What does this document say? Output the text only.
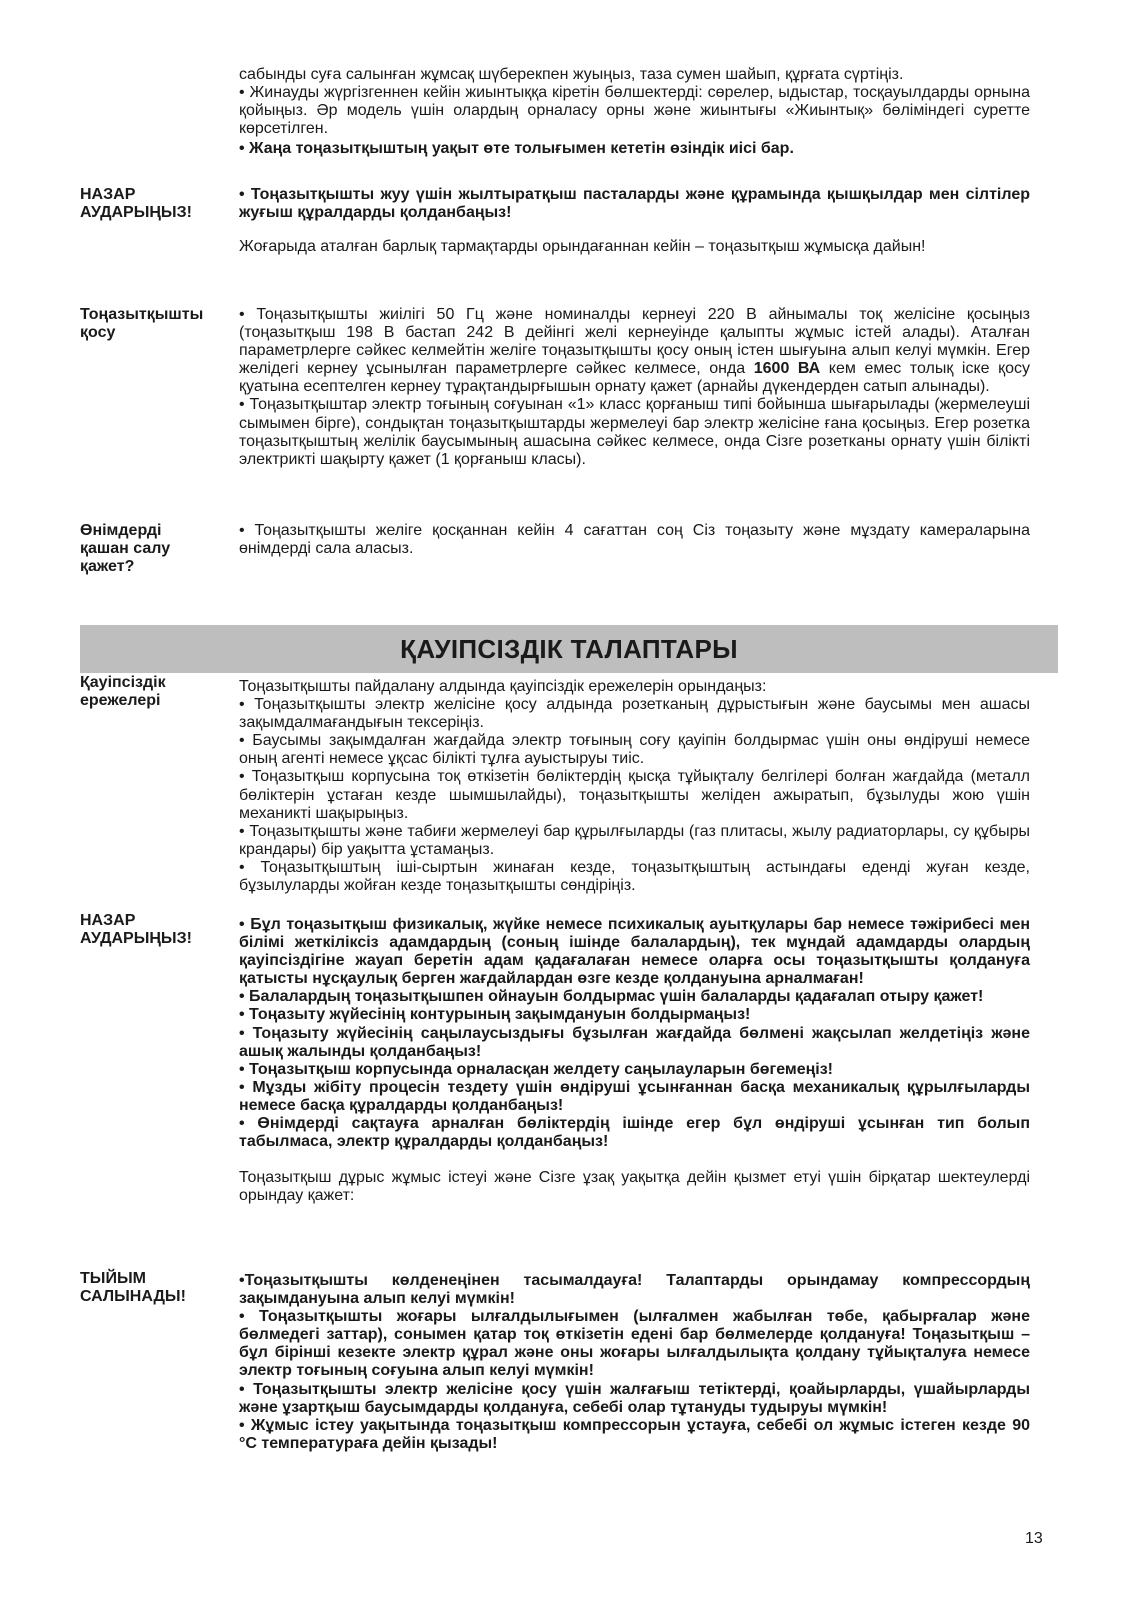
сабынды суға салынған жұмсақ шүберекпен жуыңыз, таза сумен шайып, құрғата сүртіңіз.

• Жинауды жүргізгеннен кейін жиынтыққа кіретін бөлшектерді: сөрелер, ыдыстар, тосқауылдарды орнына қойыңыз. Әр модель үшін олардың орналасу орны және жиынтығы «Жиынтық» бөліміндегі суретте көрсетілген.

• Жаңа тоңазытқыштың уақыт өте толығымен кететін өзіндік иісі бар.

НАЗАР АУДАРЫҢЫЗ!

• Тоңазытқышты жуу үшін жылтыратқыш пасталарды және құрамында қышқылдар мен сілтілер жуғыш құралдарды қолданбаңыз!

Жоғарыда аталған барлық тармақтарды орындағаннан кейін – тоңазытқыш жұмысқа дайын!

Тоңазытқышты қосу

• Тоңазытқышты жиілігі 50 Гц және номиналды кернеуі 220 В айнымалы тоқ желісіне қосыңыз (тоңазытқыш 198 В бастап 242 В дейінгі желі кернеуінде қалыпты жұмыс істей алады). Аталған параметрлерге сәйкес келмейтін желіге тоңазытқышты қосу оның істен шығуына алып келуі мүмкін. Егер желідегі кернеу ұсынылған параметрлерге сәйкес келмесе, онда 1600 ВА кем емес толық іске қосу қуатына есептелген кернеу тұрақтандырғышын орнату қажет (арнайы дүкендерден сатып алынады).

• Тоңазытқыштар электр тоғының соғуынан «1» класс қорғаныш типі бойынша шығарылады (жермелеуші сымымен бірге), сондықтан тоңазытқыштарды жермелеуі бар электр желісіне ғана қосыңыз. Егер розетка тоңазытқыштың желілік баусымының ашасына сәйкес келмесе, онда Сізге розетканы орнату үшін білікті электрикті шақырту қажет (1 қорғаныш класы).

Өнімдерді қашан салу қажет?

• Тоңазытқышты желіге қосқаннан кейін 4 сағаттан соң Сіз тоңазыту және мұздату камераларына өнімдерді сала аласыз.

ҚАУІПСІЗДІК ТАЛАПТАРЫ
Қауіпсіздік ережелері

Тоңазытқышты пайдалану алдында қауіпсіздік ережелерін орындаңыз:

• Тоңазытқышты электр желісіне қосу алдында розетканың дұрыстығын және баусымы мен ашасы зақымдалмағандығын тексеріңіз.

• Баусымы зақымдалған жағдайда электр тоғының соғу қауіпін болдырмас үшін оны өндіруші немесе оның агенті немесе ұқсас білікті тұлға ауыстыруы тиіс.

• Тоңазытқыш корпусына тоқ өткізетін бөліктердің қысқа тұйықталу белгілері болған жағдайда (металл бөліктерін ұстаған кезде шымшылайды), тоңазытқышты желіден ажыратып, бұзылуды жою үшін механикті шақырыңыз.

• Тоңазытқышты және табиғи жермелеуі бар құрылғыларды (газ плитасы, жылу радиаторлары, су құбыры крандары) бір уақытта ұстамаңыз.

• Тоңазытқыштың іші-сыртын жинаған кезде, тоңазытқыштың астындағы еденді жуған кезде, бұзылуларды жойған кезде тоңазытқышты сөндіріңіз.

НАЗАР АУДАРЫҢЫЗ!

• Бұл тоңазытқыш физикалық, жүйке немесе психикалық ауытқулары бар немесе тәжірибесі мен білімі жеткіліксіз адамдардың (соның ішінде балалардың), тек мұндай адамдарды олардың қауіпсіздігіне жауап беретін адам қадағалаған немесе оларға осы тоңазытқышты қолдануға қатысты нұсқаулық берген жағдайлардан өзге кезде қолдануына арналмаған!

• Балалардың тоңазытқышпен ойнауын болдырмас үшін балаларды қадағалап отыру қажет!

• Тоңазыту жүйесінің контурының зақымдануын болдырмаңыз!

• Тоңазыту жүйесінің саңылаусыздығы бұзылған жағдайда бөлмені жақсылап желдетіңіз және ашық жалынды қолданбаңыз!

• Тоңазытқыш корпусында орналасқан желдету саңылауларын бөгемеңіз!

• Мұзды жібіту процесін тездету үшін өндіруші ұсынғаннан басқа механикалық құрылғыларды немесе басқа құралдарды қолданбаңыз!

• Өнімдерді сақтауға арналған бөліктердің ішінде егер бұл өндіруші ұсынған тип болып табылмаса, электр құралдарды қолданбаңыз!

Тоңазытқыш дұрыс жұмыс істеуі және Сізге ұзақ уақытқа дейін қызмет етуі үшін бірқатар шектеулерді орындау қажет:

ТЫЙЫМ САЛЫНАДЫ!

•Тоңазытқышты көлденеңінен тасымалдауға! Талаптарды орындамау компрессордың зақымдануына алып келуі мүмкін!

• Тоңазытқышты жоғары ылғалдылығымен (ылғалмен жабылған төбе, қабырғалар және бөлмедегі заттар), сонымен қатар тоқ өткізетін едені бар бөлмелерде қолдануға! Тоңазытқыш – бұл бірінші кезекте электр құрал және оны жоғары ылғалдылықта қолдану тұйықталуға немесе электр тоғының соғуына алып келуі мүмкін!

• Тоңазытқышты электр желісіне қосу үшін жалғағыш тетіктерді, қоайырларды, үшайырларды және ұзартқыш баусымдарды қолдануға, себебі олар тұтануды тудыруы мүмкін!

• Жұмыс істеу уақытында тоңазытқыш компрессорын ұстауға, себебі ол жұмыс істеген кезде 90 °С температураға дейін қызады!

13
